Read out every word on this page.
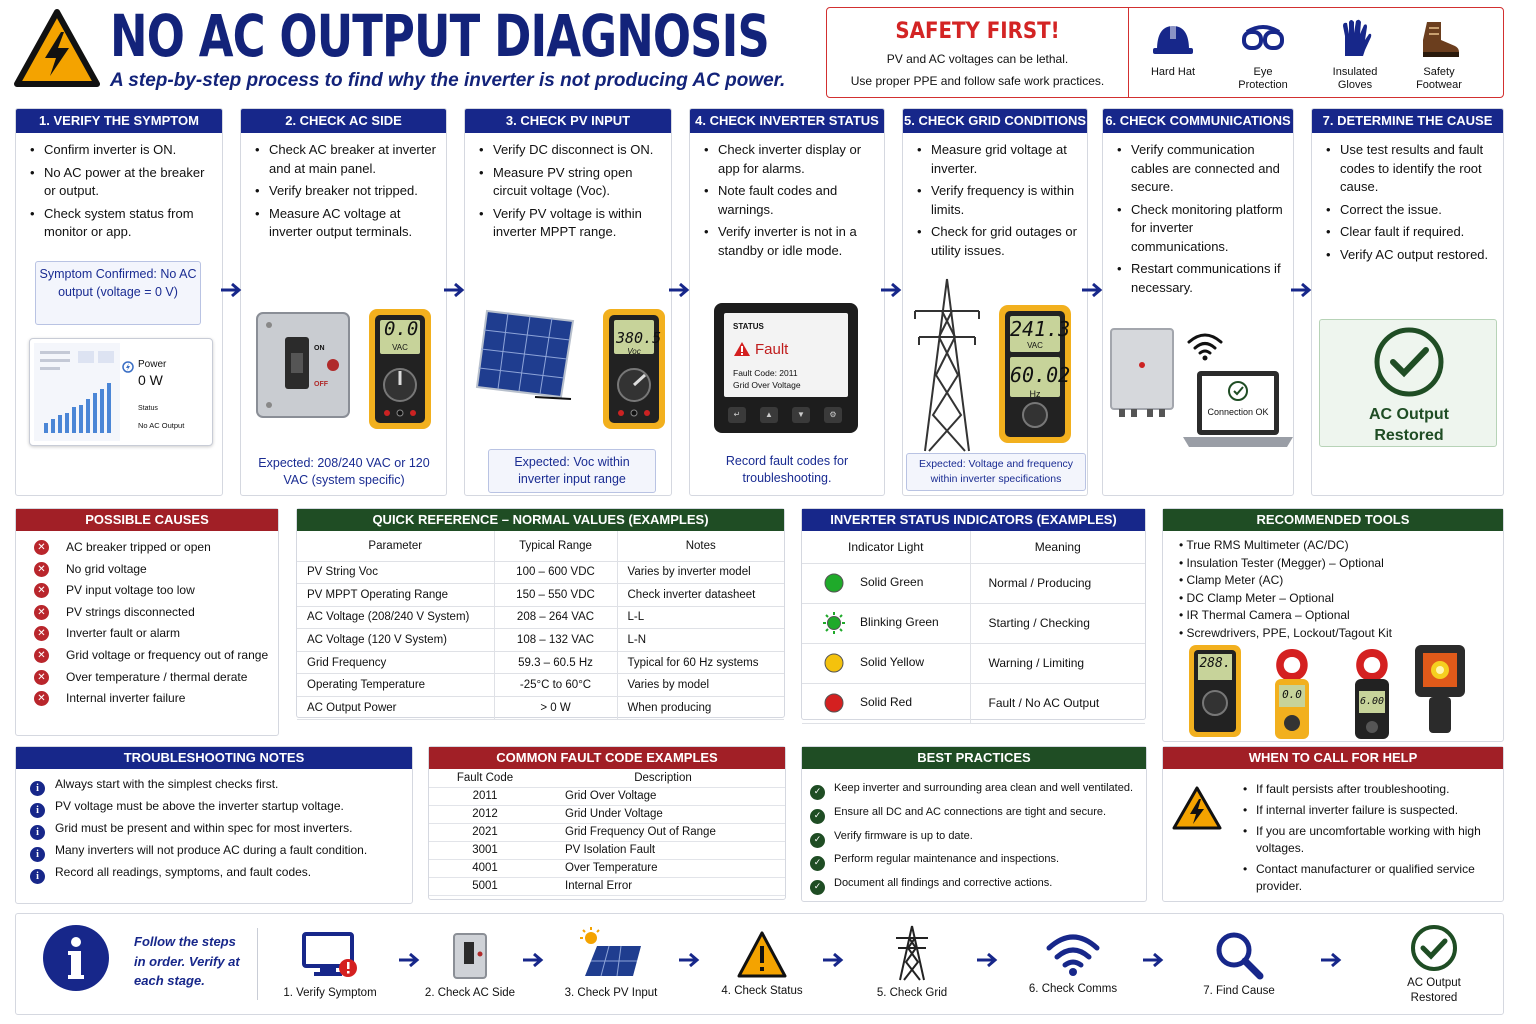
NO AC OUTPUT DIAGNOSIS
A step-by-step process to find why the inverter is not producing AC power.
SAFETY FIRST!
PV and AC voltages can be lethal.
Use proper PPE and follow safe work practices.
Hard Hat	Eye Protection
Insulated Gloves
Safety Footwear
1. VERIFY THE SYMPTOM
• Confirm inverter is ON.
• No AC power at the breaker or output.
• Check system status from monitor or app.
Symptom Confirmed: No AC output (voltage = 0 V)
Power
0 W
Status
No AC Output
2. CHECK AC SIDE
• Check AC breaker at inverter and at main panel.
• Verify breaker not tripped.
• Measure AC voltage at inverter output terminals.
ON
OFF
0.0
VAC
Expected: 208/240 VAC or 120 VAC (system specific)
3. CHECK PV INPUT
• Verify DC disconnect is ON.
• Measure PV string open circuit voltage (Voc).
• Verify PV voltage is within inverter MPPT range.
380.5
Voc
Expected: Voc within inverter input range
4. CHECK INVERTER STATUS
• Check inverter display or app for alarms.
• Note fault codes and warnings.
• Verify inverter is not in a standby or idle mode.
STATUS
Fault
Fault Code: 2011
Grid Over Voltage
↵	▲	▼	⚙
Record fault codes for troubleshooting.
5. CHECK GRID CONDITIONS
• Measure grid voltage at inverter.
• Verify frequency is within limits.
• Check for grid outages or utility issues.
241.3
VAC
60.02
Hz
Expected: Voltage and frequency within inverter specifications
6. CHECK COMMUNICATIONS
• Verify communication cables are connected and secure.
• Check monitoring platform for inverter communications.
• Restart communications if necessary.
Connection OK
7. DETERMINE THE CAUSE
• Use test results and fault codes to identify the root cause.
• Correct the issue.
• Clear fault if required.
• Verify AC output restored.
AC Output Restored
POSSIBLE CAUSES
✕ AC breaker tripped or open
✕ No grid voltage
✕ PV input voltage too low
✕ PV strings disconnected
✕ Inverter fault or alarm
✕ Grid voltage or frequency out of range
✕ Over temperature / thermal derate
✕ Internal inverter failure
QUICK REFERENCE – NORMAL VALUES (EXAMPLES)
Parameter	Typical Range	Notes
PV String Voc	100 – 600 VDC	Varies by inverter model
PV MPPT Operating Range	150 – 550 VDC	Check inverter datasheet
AC Voltage (208/240 V System)	208 – 264 VAC	L-L
AC Voltage (120 V System)	108 – 132 VAC	L-N
Grid Frequency	59.3 – 60.5 Hz	Typical for 60 Hz systems
Operating Temperature	-25°C to 60°C	Varies by model
AC Output Power	> 0 W	When producing
INVERTER STATUS INDICATORS (EXAMPLES)
Indicator Light	Meaning
Solid Green	Normal / Producing
Blinking Green	Starting / Checking
Solid Yellow	Warning / Limiting
Solid Red	Fault / No AC Output
RECOMMENDED TOOLS
• True RMS Multimeter (AC/DC)
• Insulation Tester (Megger) – Optional
• Clamp Meter (AC)
• DC Clamp Meter – Optional
• IR Thermal Camera – Optional
• Screwdrivers, PPE, Lockout/Tagout Kit
288.
0.0
6.00
TROUBLESHOOTING NOTES
i Always start with the simplest checks first.
i PV voltage must be above the inverter startup voltage.
i Grid must be present and within spec for most inverters.
i Many inverters will not produce AC during a fault condition.
i Record all readings, symptoms, and fault codes.
COMMON FAULT CODE EXAMPLES
Fault Code	Description
2011	Grid Over Voltage
2012	Grid Under Voltage
2021	Grid Frequency Out of Range
3001	PV Isolation Fault
4001	Over Temperature
5001	Internal Error
BEST PRACTICES
✓ Keep inverter and surrounding area clean and well ventilated.
✓ Ensure all DC and AC connections are tight and secure.
✓ Verify firmware is up to date.
✓ Perform regular maintenance and inspections.
✓ Document all findings and corrective actions.
WHEN TO CALL FOR HELP
• If fault persists after troubleshooting.
• If internal inverter failure is suspected.
• If you are uncomfortable working with high voltages.
• Contact manufacturer or qualified service provider.
Follow the steps in order. Verify at each stage.
1. Verify Symptom	2. Check AC Side	3. Check PV Input	4. Check Status	5. Check Grid	6. Check Comms	7. Find Cause
AC Output Restored
